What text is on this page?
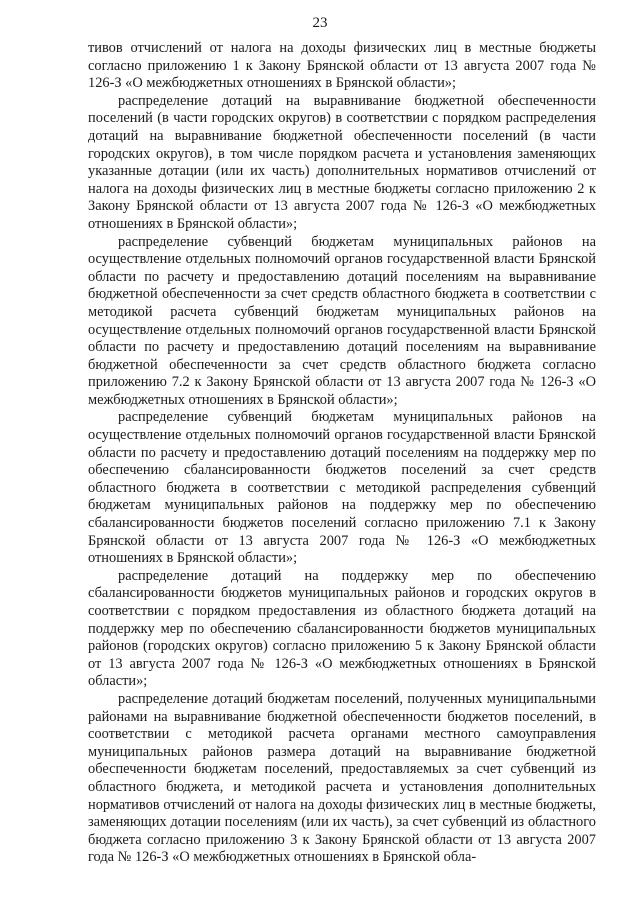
23

тивов отчислений от налога на доходы физических лиц в местные бюджеты согласно приложению 1 к Закону Брянской области от 13 августа 2007 года № 126-З «О межбюджетных отношениях в Брянской области»;

распределение дотаций на выравнивание бюджетной обеспеченности поселений (в части городских округов) в соответствии с порядком распределения дотаций на выравнивание бюджетной обеспеченности поселений (в части городских округов), в том числе порядком расчета и установления заменяющих указанные дотации (или их часть) дополнительных нормативов отчислений от налога на доходы физических лиц в местные бюджеты согласно приложению 2 к Закону Брянской области от 13 августа 2007 года № 126-З «О межбюджетных отношениях в Брянской области»;

распределение субвенций бюджетам муниципальных районов на осуществление отдельных полномочий органов государственной власти Брянской области по расчету и предоставлению дотаций поселениям на выравнивание бюджетной обеспеченности за счет средств областного бюджета в соответствии с методикой расчета субвенций бюджетам муниципальных районов на осуществление отдельных полномочий органов государственной власти Брянской области по расчету и предоставлению дотаций поселениям на выравнивание бюджетной обеспеченности за счет средств областного бюджета согласно приложению 7.2 к Закону Брянской области от 13 августа 2007 года № 126-З «О межбюджетных отношениях в Брянской области»;

распределение субвенций бюджетам муниципальных районов на осуществление отдельных полномочий органов государственной власти Брянской области по расчету и предоставлению дотаций поселениям на поддержку мер по обеспечению сбалансированности бюджетов поселений за счет средств областного бюджета в соответствии с методикой распределения субвенций бюджетам муниципальных районов на поддержку мер по обеспечению сбалансированности бюджетов поселений согласно приложению 7.1 к Закону Брянской области от 13 августа 2007 года № 126-З «О межбюджетных отношениях в Брянской области»;

распределение дотаций на поддержку мер по обеспечению сбалансированности бюджетов муниципальных районов и городских округов в соответствии с порядком предоставления из областного бюджета дотаций на поддержку мер по обеспечению сбалансированности бюджетов муниципальных районов (городских округов) согласно приложению 5 к Закону Брянской области от 13 августа 2007 года № 126-З «О межбюджетных отношениях в Брянской области»;

распределение дотаций бюджетам поселений, полученных муниципальными районами на выравнивание бюджетной обеспеченности бюджетов поселений, в соответствии с методикой расчета органами местного самоуправления муниципальных районов размера дотаций на выравнивание бюджетной обеспеченности бюджетам поселений, предоставляемых за счет субвенций из областного бюджета, и методикой расчета и установления дополнительных нормативов отчислений от налога на доходы физических лиц в местные бюджеты, заменяющих дотации поселениям (или их часть), за счет субвенций из областного бюджета согласно приложению 3 к Закону Брянской области от 13 августа 2007 года № 126-З «О межбюджетных отношениях в Брянской обла-
